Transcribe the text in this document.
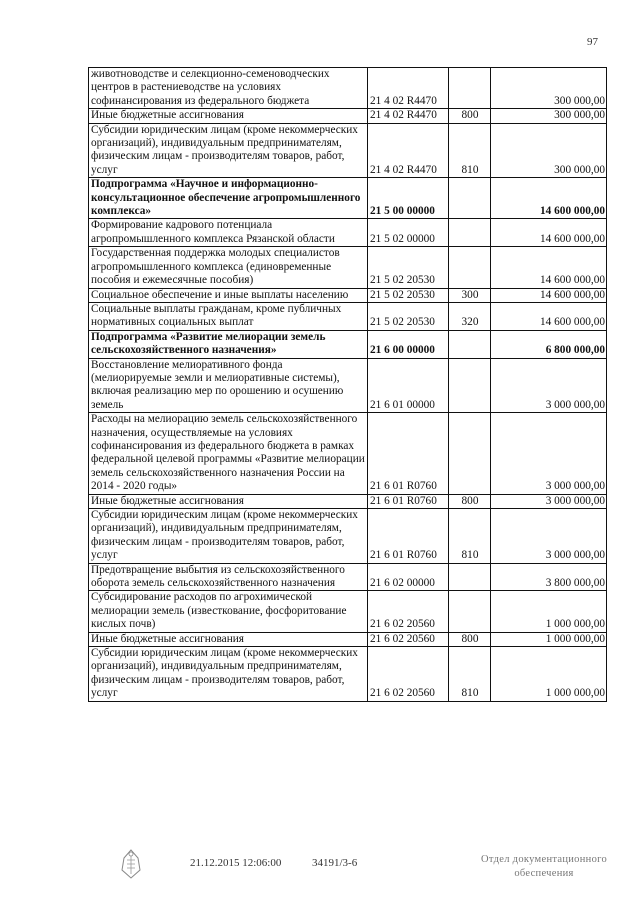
97
животноводстве и селекционно-семеноводческих центров в растениеводстве на условиях софинансирования из федерального бюджета	21 4 02 R4470		300 000,00
Иные бюджетные ассигнования	21 4 02 R4470	800	300 000,00
Субсидии юридическим лицам (кроме некоммерческих организаций), индивидуальным предпринимателям, физическим лицам - производителям товаров, работ, услуг	21 4 02 R4470	810	300 000,00
Подпрограмма «Научное и информационно-консультационное обеспечение агропромышленного комплекса»	21 5 00 00000		14 600 000,00
Формирование кадрового потенциала агропромышленного комплекса Рязанской области	21 5 02 00000		14 600 000,00
Государственная поддержка молодых специалистов агропромышленного комплекса (единовременные пособия и ежемесячные пособия)	21 5 02 20530		14 600 000,00
Социальное обеспечение и иные выплаты населению	21 5 02 20530	300	14 600 000,00
Социальные выплаты гражданам, кроме публичных нормативных социальных выплат	21 5 02 20530	320	14 600 000,00
Подпрограмма «Развитие мелиорации земель сельскохозяйственного назначения»	21 6 00 00000		6 800 000,00
Восстановление мелиоративного фонда (мелиорируемые земли и мелиоративные системы), включая реализацию мер по орошению и осушению земель	21 6 01 00000		3 000 000,00
Расходы на мелиорацию земель сельскохозяйственного назначения, осуществляемые на условиях софинансирования из федерального бюджета в рамках федеральной целевой программы «Развитие мелиорации земель сельскохозяйственного назначения России на 2014 - 2020 годы»	21 6 01 R0760		3 000 000,00
Иные бюджетные ассигнования	21 6 01 R0760	800	3 000 000,00
Субсидии юридическим лицам (кроме некоммерческих организаций), индивидуальным предпринимателям, физическим лицам - производителям товаров, работ, услуг	21 6 01 R0760	810	3 000 000,00
Предотвращение выбытия из сельскохозяйственного оборота земель сельскохозяйственного назначения	21 6 02 00000		3 800 000,00
Субсидирование расходов по агрохимической мелиорации земель (известкование, фосфоритование кислых почв)	21 6 02 20560		1 000 000,00
Иные бюджетные ассигнования	21 6 02 20560	800	1 000 000,00
Субсидии юридическим лицам (кроме некоммерческих организаций), индивидуальным предпринимателям, физическим лицам - производителям товаров, работ, услуг	21 6 02 20560	810	1 000 000,00
21.12.2015 12:06:00	34191/3-6	Отдел документационного
обеспечения
